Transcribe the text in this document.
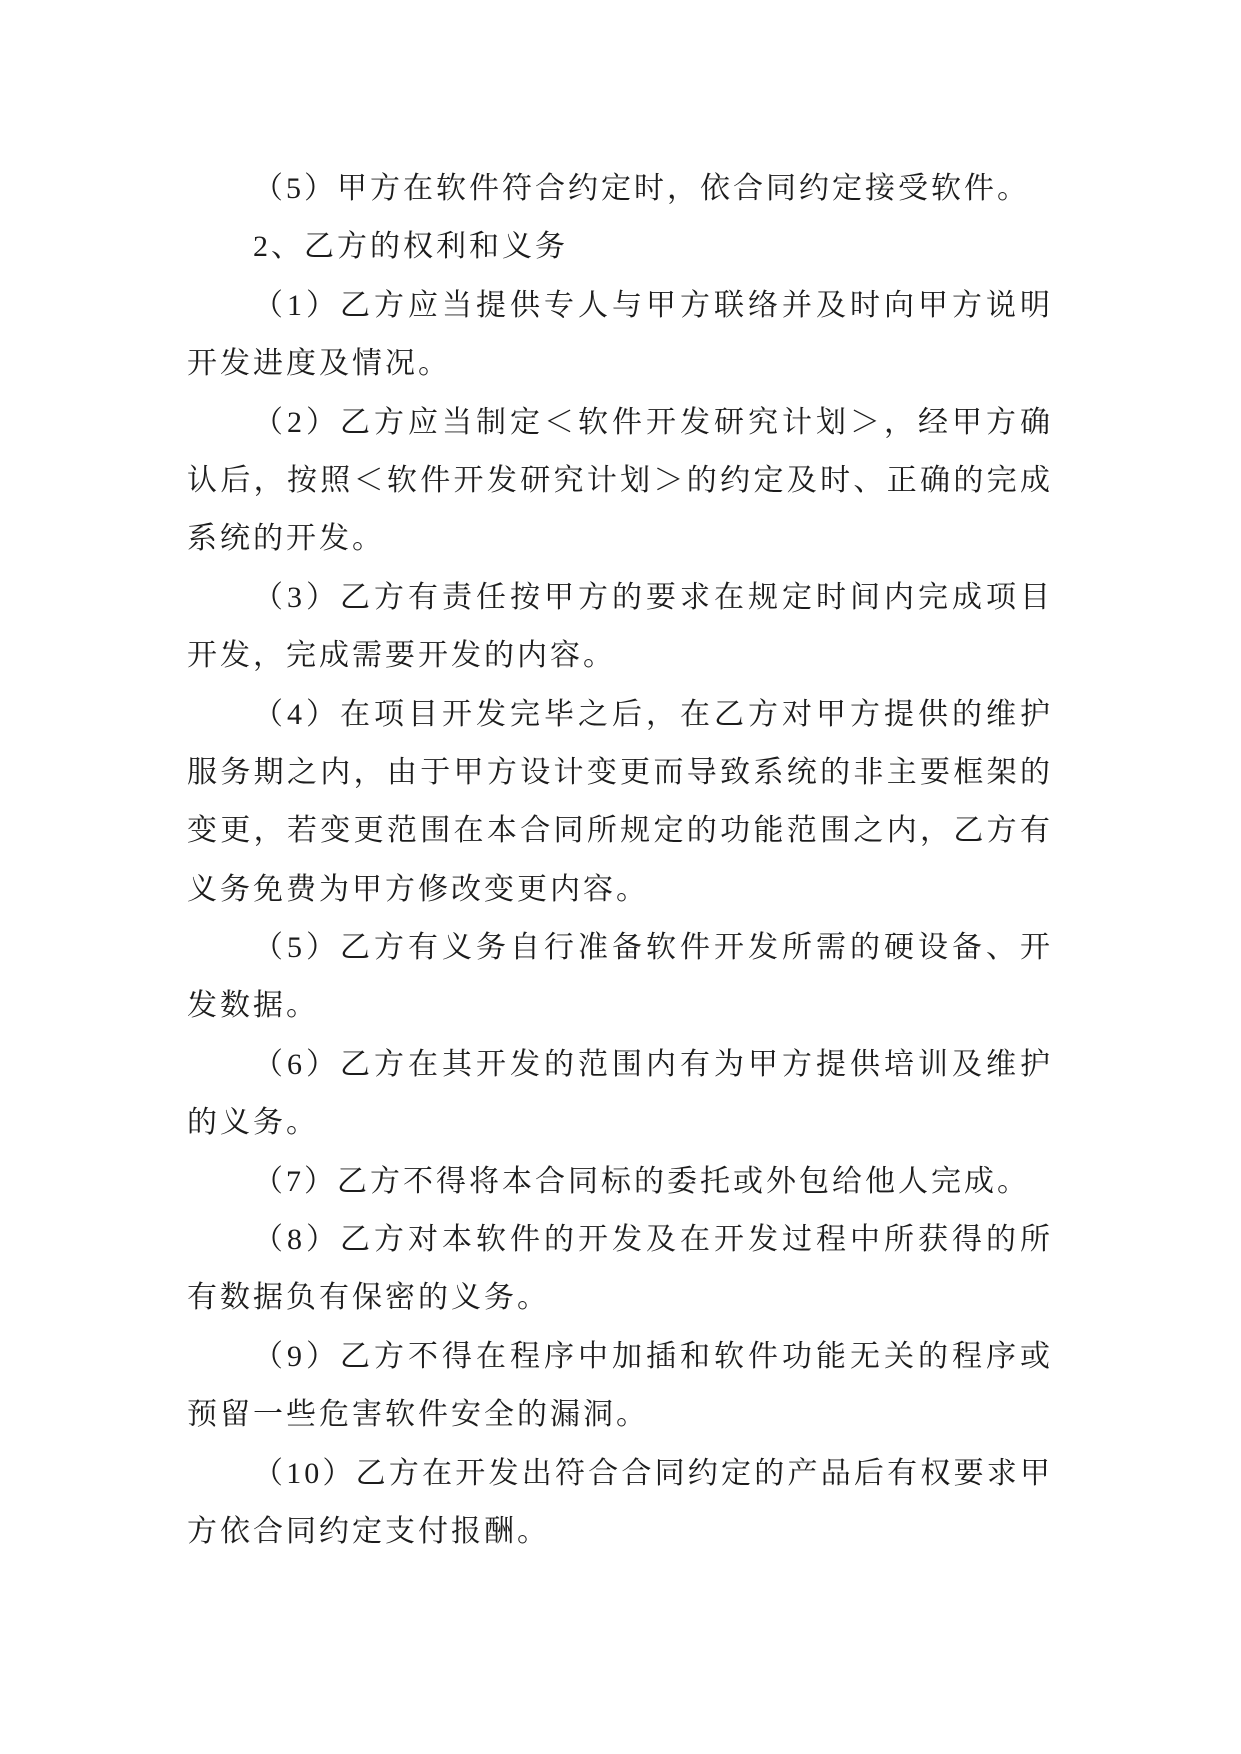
（5）甲方在软件符合约定时，依合同约定接受软件。
2、乙方的权利和义务
（1）乙方应当提供专人与甲方联络并及时向甲方说明
开发进度及情况。
（2）乙方应当制定＜软件开发研究计划＞，经甲方确
认后，按照＜软件开发研究计划＞的约定及时、正确的完成
系统的开发。
（3）乙方有责任按甲方的要求在规定时间内完成项目
开发，完成需要开发的内容。
（4）在项目开发完毕之后，在乙方对甲方提供的维护
服务期之内，由于甲方设计变更而导致系统的非主要框架的
变更，若变更范围在本合同所规定的功能范围之内，乙方有
义务免费为甲方修改变更内容。
（5）乙方有义务自行准备软件开发所需的硬设备、开
发数据。
（6）乙方在其开发的范围内有为甲方提供培训及维护
的义务。
（7）乙方不得将本合同标的委托或外包给他人完成。
（8）乙方对本软件的开发及在开发过程中所获得的所
有数据负有保密的义务。
（9）乙方不得在程序中加插和软件功能无关的程序或
预留一些危害软件安全的漏洞。
（10）乙方在开发出符合合同约定的产品后有权要求甲
方依合同约定支付报酬。
